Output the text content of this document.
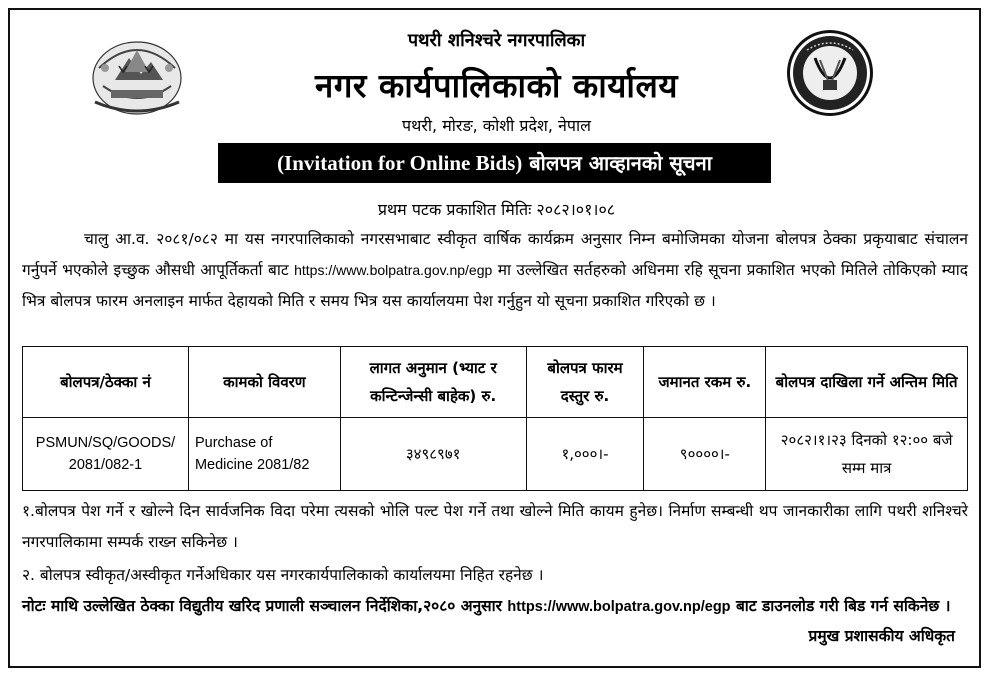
पथरी शनिश्चरे नगरपालिका
नगर कार्यपालिकाको कार्यालय
पथरी, मोरङ, कोशी प्रदेश, नेपाल
(Invitation for Online Bids) बोलपत्र आव्हानको सूचना
प्रथम पटक प्रकाशित मितिः २०८२।०१।०८
चालु आ.व. २०८१/०८२ मा यस नगरपालिकाको नगरसभाबाट स्वीकृत वार्षिक कार्यक्रम अनुसार निम्न बमोजिमका योजना बोलपत्र ठेक्का प्रकृयाबाट संचालन गर्नुपर्ने भएकोले इच्छुक औसधी आपूर्तिकर्ता बाट https://www.bolpatra.gov.np/egp मा उल्लेखित सर्तहरुको अधिनमा रहि सूचना प्रकाशित भएको मितिले तोकिएको म्याद भित्र बोलपत्र फारम अनलाइन मार्फत देहायको मिति र समय भित्र यस कार्यालयमा पेश गर्नुहुन यो सूचना प्रकाशित गरिएको छ ।
बोलपत्र/ठेक्का नं	कामको विवरण	लागत अनुमान (भ्याट र कन्टिन्जेन्सी बाहेक) रु.	बोलपत्र फारम दस्तुर रु.	जमानत रकम रु.	बोलपत्र दाखिला गर्ने अन्तिम मिति
PSMUN/SQ/GOODS/ 2081/082-1	Purchase of Medicine 2081/82	३४९८९७१	१,०००।-	९००००।-	२०८२।१।२३ दिनको १२:०० बजे सम्म मात्र
१.बोलपत्र पेश गर्ने र खोल्ने दिन सार्वजनिक विदा परेमा त्यसको भोलि पल्ट पेश गर्ने तथा खोल्ने मिति कायम हुनेछ। निर्माण सम्बन्धी थप जानकारीका लागि पथरी शनिश्चरे नगरपालिकामा सम्पर्क राख्न सकिनेछ ।
२. बोलपत्र स्वीकृत/अस्वीकृत गर्नेअधिकार यस नगरकार्यपालिकाको कार्यालयमा निहित रहनेछ ।
नोटः माथि उल्लेखित ठेक्का विद्युतीय खरिद प्रणाली सञ्चालन निर्देशिका,२०८० अनुसार https://www.bolpatra.gov.np/egp बाट डाउनलोड गरी बिड गर्न सकिनेछ ।
प्रमुख प्रशासकीय अधिकृत
